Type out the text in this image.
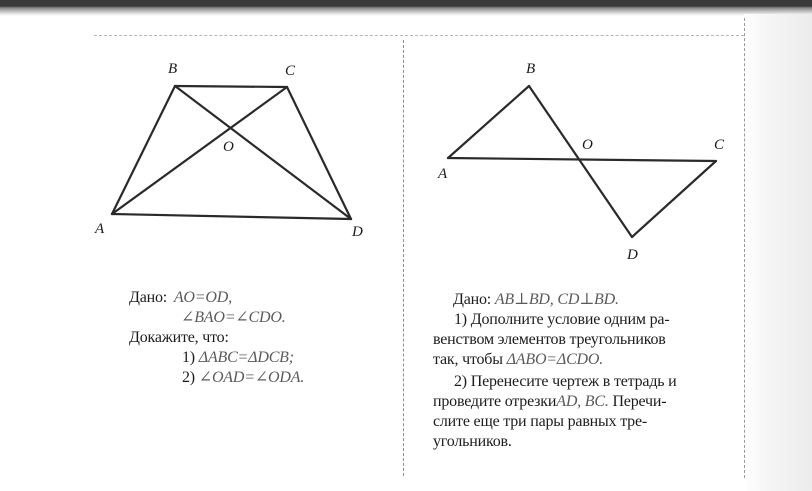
B	C
O
A	D
B
O	C
A
D
Дано: AO=OD,
∠BAO=∠CDO.
Докажите, что:
1) ΔABC=ΔDCB;
2) ∠OAD=∠ODA.
Дано: AB⊥BD, CD⊥BD.
1) Дополните условие одним ра-
венством элементов треугольников
так, чтобы ΔABO=ΔCDO.
2) Перенесите чертеж в тетрадь и
проведите отрезкиAD, BC. Перечи-
слите еще три пары равных тре-
угольников.
